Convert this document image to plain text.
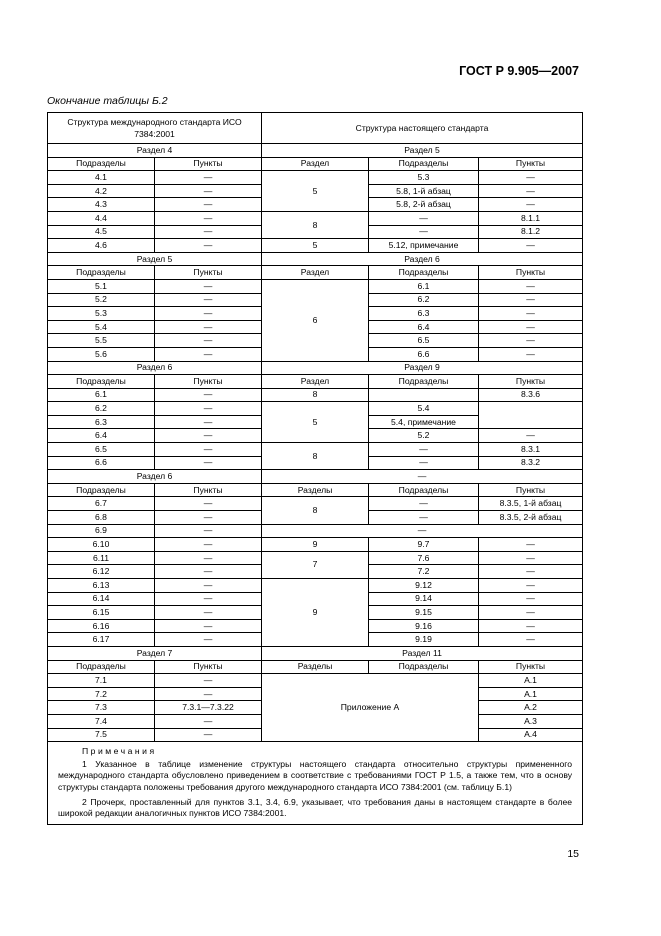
ГОСТ Р 9.905—2007
Окончание таблицы Б.2
Структура международного стандарта ИСО 7384:2001		Структура настоящего стандарта		
Раздел 4		Раздел 5		
Подразделы	Пункты	Раздел	Подразделы	Пункты
4.1	—	5	5.3	—
4.2	—		5.8, 1-й абзац	—
4.3	—		5.8, 2-й абзац	—
4.4	—	8	—	8.1.1
4.5	—		—	8.1.2
4.6	—	5	5.12, примечание	—
Раздел 5		Раздел 6		
Подразделы	Пункты	Раздел	Подразделы	Пункты
5.1	—	6	6.1	—
5.2	—		6.2	—
5.3	—		6.3	—
5.4	—		6.4	—
5.5	—		6.5	—
5.6	—		6.6	—
Раздел 6		Раздел 9		
Подразделы	Пункты	Раздел	Подразделы	Пункты
6.1	—	8		8.3.6
6.2	—	5	5.4	
6.3	—		5.4, примечание	
6.4	—		5.2	—
6.5	—	8	—	8.3.1
6.6	—		—	8.3.2
Раздел 6		—		
Подразделы	Пункты	Разделы	Подразделы	Пункты
6.7	—	8	—	8.3.5, 1-й абзац
6.8	—		—	8.3.5, 2-й абзац
6.9	—	—		
6.10	—	9	9.7	—
6.11	—	7	7.6	—
6.12	—		7.2	—
6.13	—	9	9.12	—
6.14	—		9.14	—
6.15	—		9.15	—
6.16	—		9.16	—
6.17	—		9.19	—
Раздел 7		Раздел 11		
Подразделы	Пункты	Разделы	Подразделы	Пункты
7.1	—	Приложение А		А.1
7.2	—			А.1
7.3	7.3.1—7.3.22			А.2
7.4	—			А.3
7.5	—			А.4

Примечания

1 Указанное в таблице изменение структуры настоящего стандарта относительно структуры примененного международного стандарта обусловлено приведением в соответствие с требованиями ГОСТ Р 1.5, а также тем, что в основу структуры стандарта положены требования другого международного стандарта ИСО 7384:2001 (см. таблицу Б.1)

2 Прочерк, проставленный для пунктов 3.1, 3.4, 6.9, указывает, что требования даны в настоящем стандарте в более широкой редакции аналогичных пунктов ИСО 7384:2001.				

15
